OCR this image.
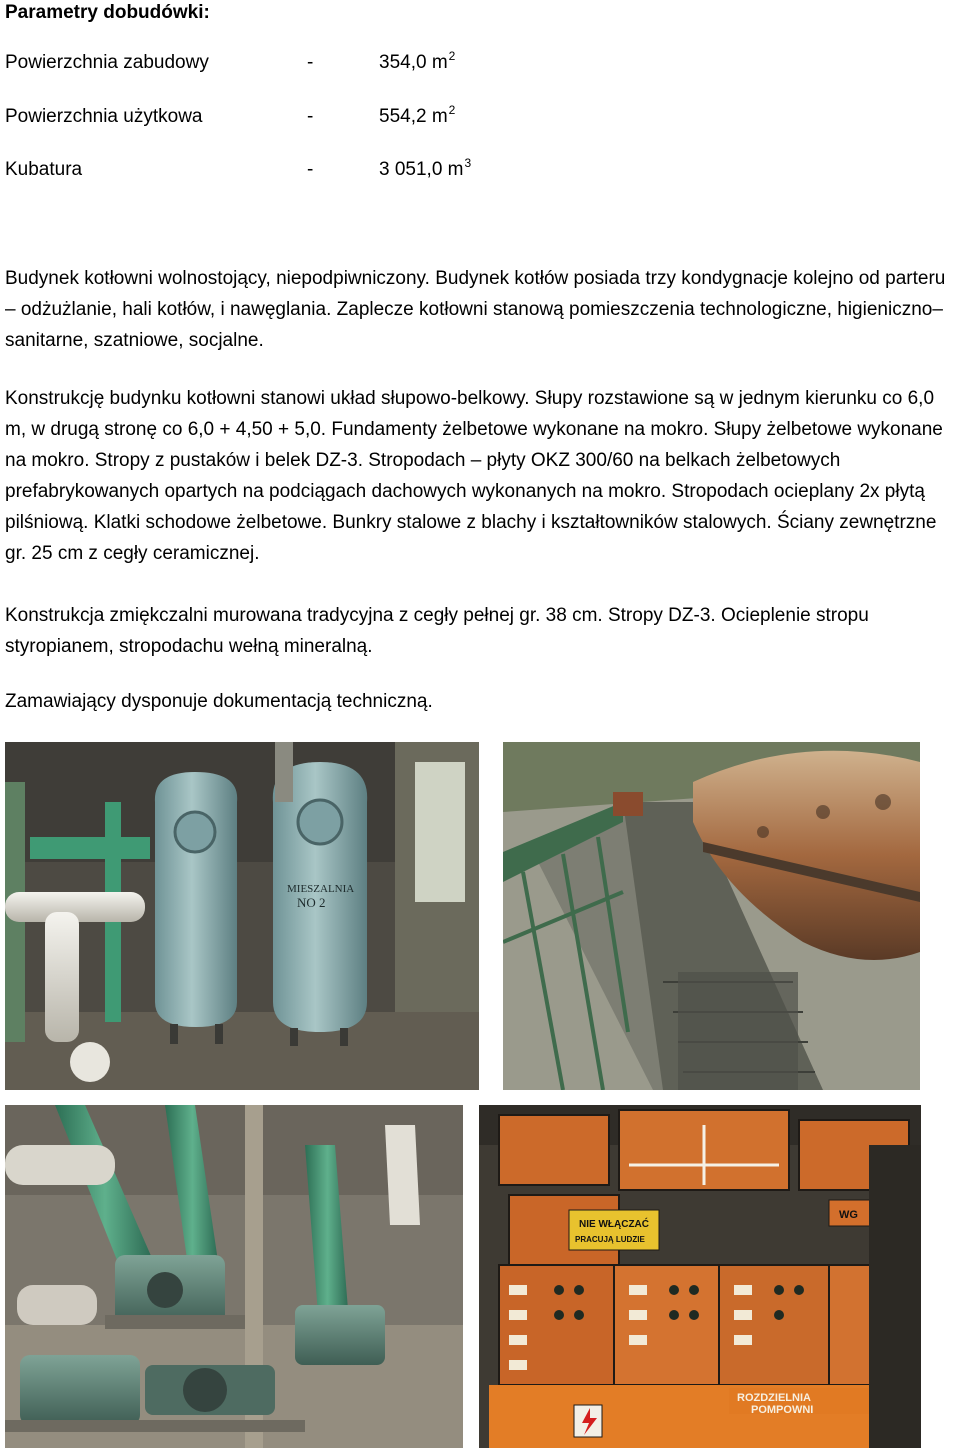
Parametry dobudówki:
Powierzchnia zabudowy	-	354,0 $m^2$
Powierzchnia użytkowa	-	554,2 $m^2$
Kubatura	-	3 051,0 $m^3$

Budynek kotłowni wolnostojący, niepodpiwniczony. Budynek kotłów posiada trzy kondygnacje kolejno od parteru – odżużlanie, hali kotłów, i nawęglania. Zaplecze kotłowni stanową pomieszczenia technologiczne, higieniczno–sanitarne, szatniowe, socjalne.

Konstrukcję budynku kotłowni stanowi układ słupowo-belkowy. Słupy rozstawione są w jednym kierunku co 6,0 m, w drugą stronę co 6,0 + 4,50 + 5,0. Fundamenty żelbetowe wykonane na mokro. Słupy żelbetowe wykonane na mokro. Stropy z pustaków i belek DZ-3. Stropodach – płyty OKZ 300/60 na belkach żelbetowych prefabrykowanych opartych na podciągach dachowych wykonanych na mokro. Stropodach ocieplany 2x płytą pilśniową. Klatki schodowe żelbetowe. Bunkry stalowe z blachy i kształtowników stalowych. Ściany zewnętrzne gr. 25 cm z cegły ceramicznej.

Konstrukcja zmiękczalni murowana tradycyjna z cegły pełnej gr. 38 cm. Stropy DZ-3. Ocieplenie stropu styropianem, stropodachu wełną mineralną.

Zamawiający dysponuje dokumentacją techniczną.

MIESZALNIA
NO 2
NIE WŁĄCZAĆ
PRACUJĄ LUDZIE
WG
ROZDZIELNIA
POMPOWNI
